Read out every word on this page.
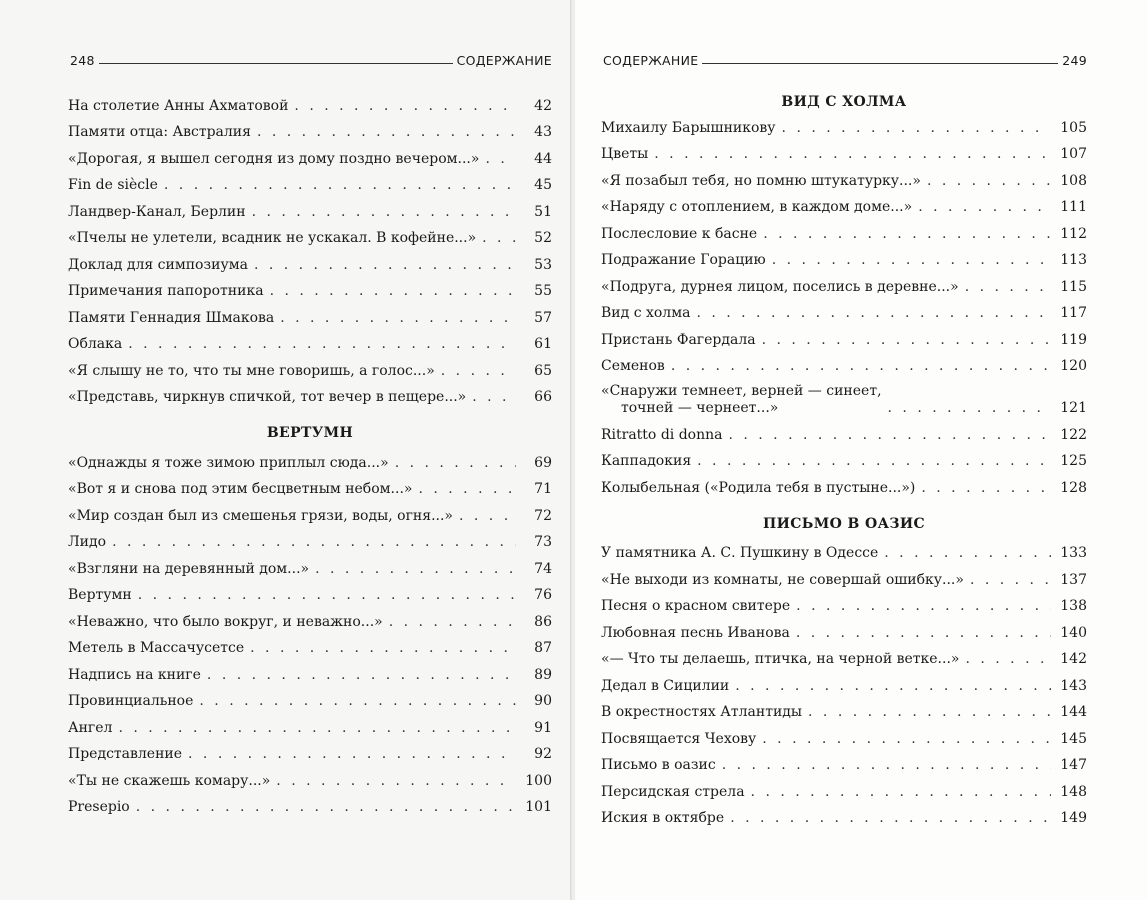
248	СОДЕРЖАНИЕ
На столетие Анны Ахматовой . . .	42
Памяти отца: Австралия . . .	43
«Дорогая, я вышел сегодня из дому поздно вечером...» . . .	44
Fin de siècle . . .	45
Ландвер-Канал, Берлин . . .	51
«Пчелы не улетели, всадник не ускакал. В кофейне...» . . .	52
Доклад для симпозиума . . .	53
Примечания папоротника . . .	55
Памяти Геннадия Шмакова . . .	57
Облака . . .	61
«Я слышу не то, что ты мне говоришь, а голос...» . . .	65
«Представь, чиркнув спичкой, тот вечер в пещере...» . . .	66
ВЕРТУМН
«Однажды я тоже зимою приплыл сюда...» . . .	69
«Вот я и снова под этим бесцветным небом...» . . .	71
«Мир создан был из смешенья грязи, воды, огня...» . . .	72
Лидо . . .	73
«Взгляни на деревянный дом...» . . .	74
Вертумн . . .	76
«Неважно, что было вокруг, и неважно...» . . .	86
Метель в Массачусетсе . . .	87
Надпись на книге . . .	89
Провинциальное . . .	90
Ангел . . .	91
Представление . . .	92
«Ты не скажешь комару...» . . .	100
Presepio . . .	101
СОДЕРЖАНИЕ	249
ВИД С ХОЛМА
Михаилу Барышникову . . .	105
Цветы . . .	107
«Я позабыл тебя, но помню штукатурку...» . . .	108
«Наряду с отоплением, в каждом доме...» . . .	111
Послесловие к басне . . .	112
Подражание Горацию . . .	113
«Подруга, дурнея лицом, поселись в деревне...» . . .	115
Вид с холма . . .	117
Пристань Фагердала . . .	119
Семенов . . .	120
«Снаружи темнеет, верней — синеет,
точней — чернеет...» . . .	121
Ritratto di donna . . .	122
Каппадокия . . .	125
Колыбельная («Родила тебя в пустыне...») . . .	128
ПИСЬМО В ОАЗИС
У памятника А. С. Пушкину в Одессе . . .	133
«Не выходи из комнаты, не совершай ошибку...» . . .	137
Песня о красном свитере . . .	138
Любовная песнь Иванова . . .	140
«— Что ты делаешь, птичка, на черной ветке...» . . .	142
Дедал в Сицилии . . .	143
В окрестностях Атлантиды . . .	144
Посвящается Чехову . . .	145
Письмо в оазис . . .	147
Персидская стрела . . .	148
Иския в октябре . . .	149
